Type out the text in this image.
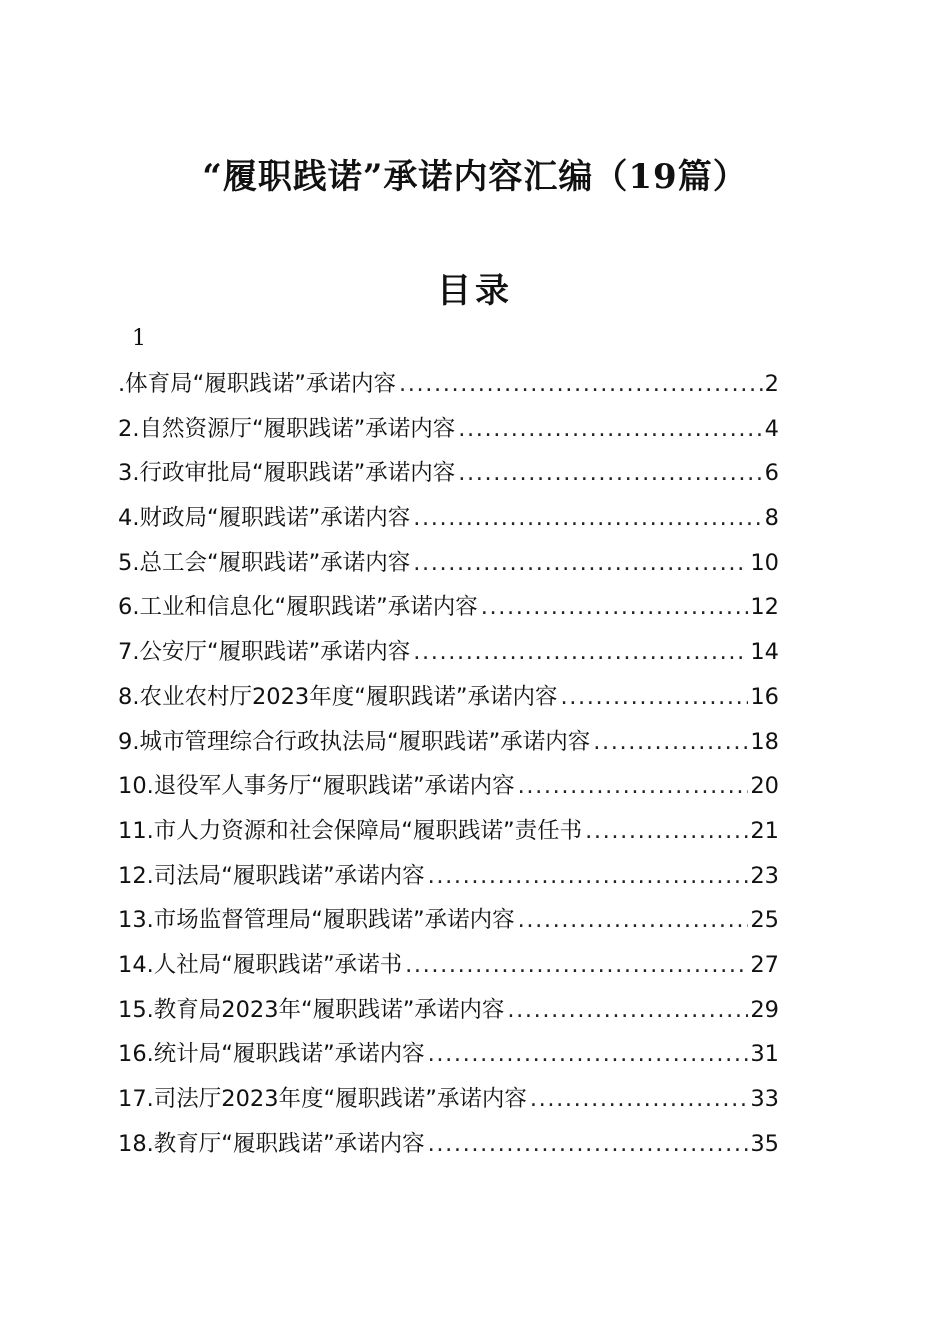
“履职践诺”承诺内容汇编（19篇）
目录
1
.体育局“履职践诺”承诺内容 .....	2
2.自然资源厅“履职践诺”承诺内容 .....	4
3.行政审批局“履职践诺”承诺内容 .....	6
4.财政局“履职践诺”承诺内容 .....	8
5.总工会“履职践诺”承诺内容 .....	10
6.工业和信息化“履职践诺”承诺内容 .....	12
7.公安厅“履职践诺”承诺内容 .....	14
8.农业农村厅2023年度“履职践诺”承诺内容 .....	16
9.城市管理综合行政执法局“履职践诺”承诺内容 .....	18
10.退役军人事务厅“履职践诺”承诺内容 .....	20
11.市人力资源和社会保障局“履职践诺”责任书 .....	21
12.司法局“履职践诺”承诺内容 .....	23
13.市场监督管理局“履职践诺”承诺内容 .....	25
14.人社局“履职践诺”承诺书 .....	27
15.教育局2023年“履职践诺”承诺内容 .....	29
16.统计局“履职践诺”承诺内容 .....	31
17.司法厅2023年度“履职践诺”承诺内容 .....	33
18.教育厅“履职践诺”承诺内容 .....	35
